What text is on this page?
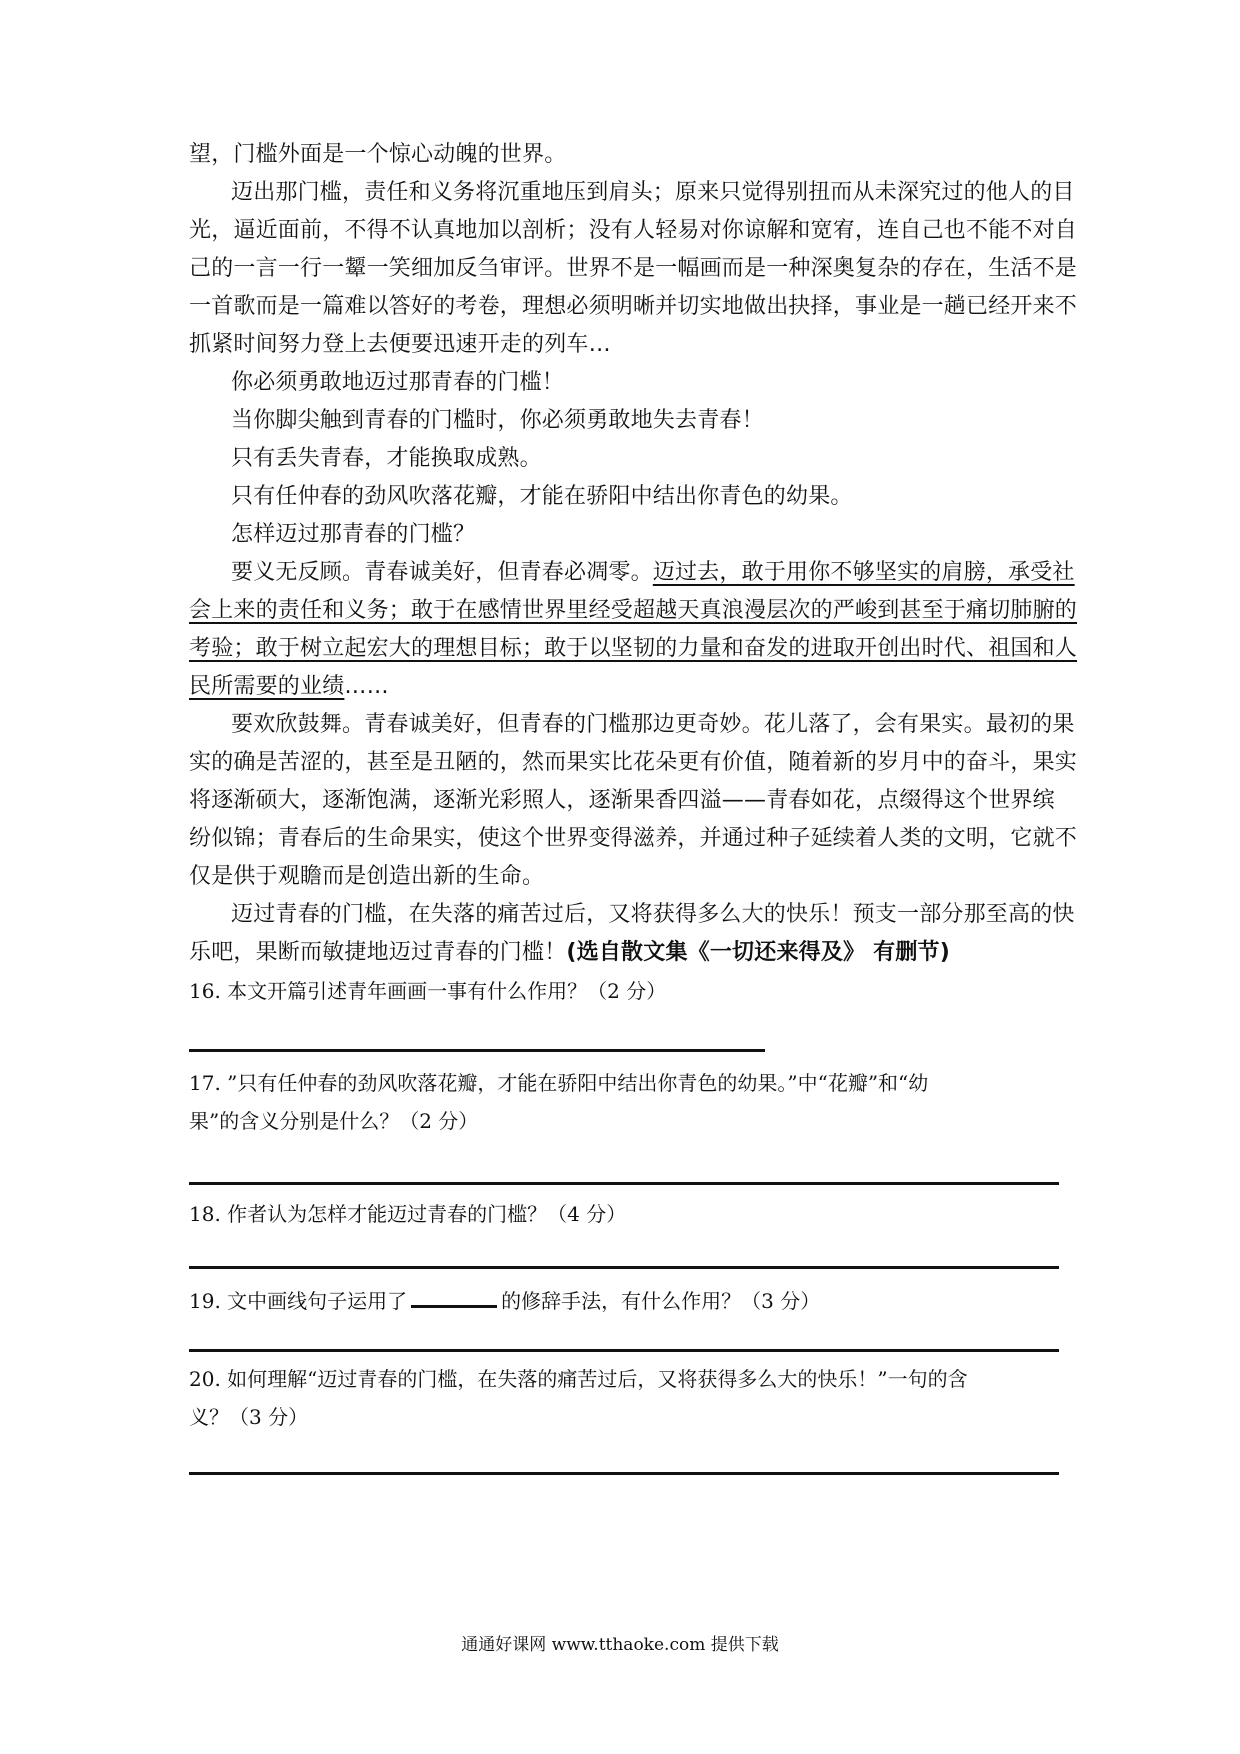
望，门槛外面是一个惊心动魄的世界。
迈出那门槛，责任和义务将沉重地压到肩头；原来只觉得别扭而从未深究过的他人的目
光，逼近面前，不得不认真地加以剖析；没有人轻易对你谅解和宽宥，连自己也不能不对自
己的一言一行一颦一笑细加反刍审评。世界不是一幅画而是一种深奥复杂的存在，生活不是
一首歌而是一篇难以答好的考卷，理想必须明晰并切实地做出抉择，事业是一趟已经开来不
抓紧时间努力登上去便要迅速开走的列车…
你必须勇敢地迈过那青春的门槛！
当你脚尖触到青春的门槛时，你必须勇敢地失去青春！
只有丢失青春，才能换取成熟。
只有任仲春的劲风吹落花瓣，才能在骄阳中结出你青色的幼果。
怎样迈过那青春的门槛？
要义无反顾。青春诚美好，但青春必凋零。迈过去，敢于用你不够坚实的肩膀，承受社
会上来的责任和义务；敢于在感情世界里经受超越天真浪漫层次的严峻到甚至于痛切肺腑的
考验；敢于树立起宏大的理想目标；敢于以坚韧的力量和奋发的进取开创出时代、祖国和人
民所需要的业绩……
要欢欣鼓舞。青春诚美好，但青春的门槛那边更奇妙。花儿落了，会有果实。最初的果
实的确是苦涩的，甚至是丑陋的，然而果实比花朵更有价值，随着新的岁月中的奋斗，果实
将逐渐硕大，逐渐饱满，逐渐光彩照人，逐渐果香四溢——青春如花，点缀得这个世界缤
纷似锦；青春后的生命果实，使这个世界变得滋养，并通过种子延续着人类的文明，它就不
仅是供于观瞻而是创造出新的生命。
迈过青春的门槛，在失落的痛苦过后，又将获得多么大的快乐！预支一部分那至高的快
乐吧，果断而敏捷地迈过青春的门槛！(选自散文集《一切还来得及》 有删节)
16. 本文开篇引述青年画画一事有什么作用？（2 分）
17. ”只有任仲春的劲风吹落花瓣，才能在骄阳中结出你青色的幼果。”中“花瓣”和“幼
果”的含义分别是什么？（2 分）
18. 作者认为怎样才能迈过青春的门槛？（4 分）
19. 文中画线句子运用了	的修辞手法，有什么作用？（3 分）
20. 如何理解“迈过青春的门槛，在失落的痛苦过后，又将获得多么大的快乐！”一句的含
义？（3 分）
通通好课网 www.tthaoke.com 提供下载
